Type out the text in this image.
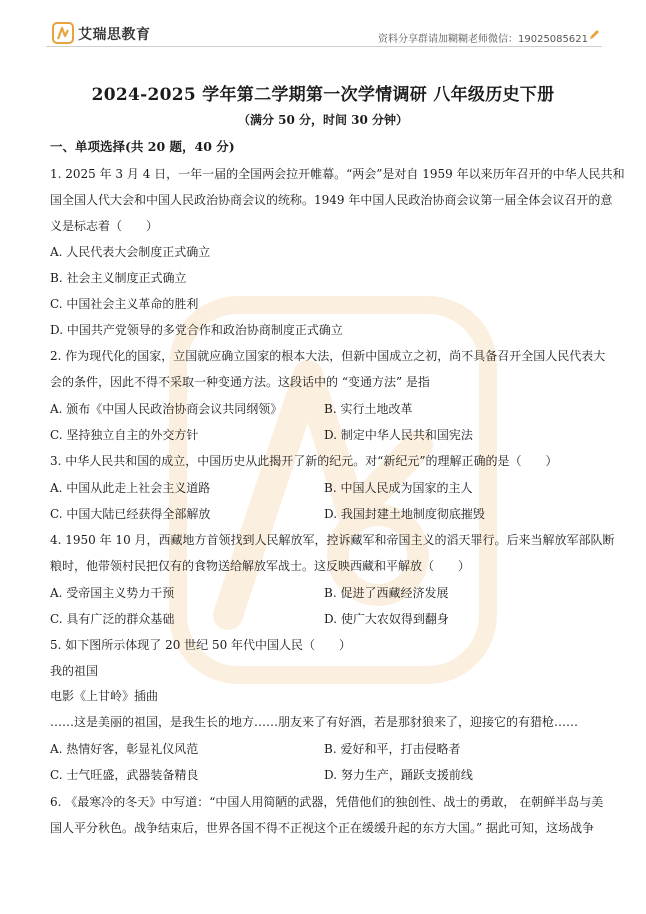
艾瑞思教育	资料分享群请加糊糊老师微信：19025085621
2024-2025 学年第二学期第一次学情调研 八年级历史下册
（满分 50 分，时间 30 分钟）
一、单项选择(共 20 题，40 分)
1. 2025 年 3 月 4 日，一年一届的全国两会拉开帷幕。“两会”是对自 1959 年以来历年召开的中华人民共和
国全国人代大会和中国人民政治协商会议的统称。1949 年中国人民政治协商会议第一届全体会议召开的意
义是标志着（　　）
A. 人民代表大会制度正式确立
B. 社会主义制度正式确立
C. 中国社会主义革命的胜利
D. 中国共产党领导的多党合作和政治协商制度正式确立
2. 作为现代化的国家，立国就应确立国家的根本大法，但新中国成立之初，尚不具备召开全国人民代表大
会的条件，因此不得不采取一种变通方法。这段话中的 “变通方法” 是指
A. 颁布《中国人民政治协商会议共同纲领》	B. 实行土地改革
C. 坚持独立自主的外交方针	D. 制定中华人民共和国宪法
3. 中华人民共和国的成立，中国历史从此揭开了新的纪元。对“新纪元”的理解正确的是（　　）
A. 中国从此走上社会主义道路	B. 中国人民成为国家的主人
C. 中国大陆已经获得全部解放	D. 我国封建土地制度彻底摧毁
4. 1950 年 10 月，西藏地方首领找到人民解放军，控诉藏军和帝国主义的滔天罪行。后来当解放军部队断
粮时，他带领村民把仅有的食物送给解放军战士。这反映西藏和平解放（　　）
A. 受帝国主义势力干预	B. 促进了西藏经济发展
C. 具有广泛的群众基础	D. 使广大农奴得到翻身
5. 如下图所示体现了 20 世纪 50 年代中国人民（　　）
我的祖国
电影《上甘岭》插曲
……这是美丽的祖国，是我生长的地方……朋友来了有好酒，若是那豺狼来了，迎接它的有猎枪……
A. 热情好客，彰显礼仪风范	B. 爱好和平，打击侵略者
C. 士气旺盛，武器装备精良	D. 努力生产，踊跃支援前线
6. 《最寒冷的冬天》中写道：“中国人用简陋的武器，凭借他们的独创性、战士的勇敢， 在朝鲜半岛与美
国人平分秋色。战争结束后，世界各国不得不正视这个正在缓缓升起的东方大国。” 据此可知，这场战争
